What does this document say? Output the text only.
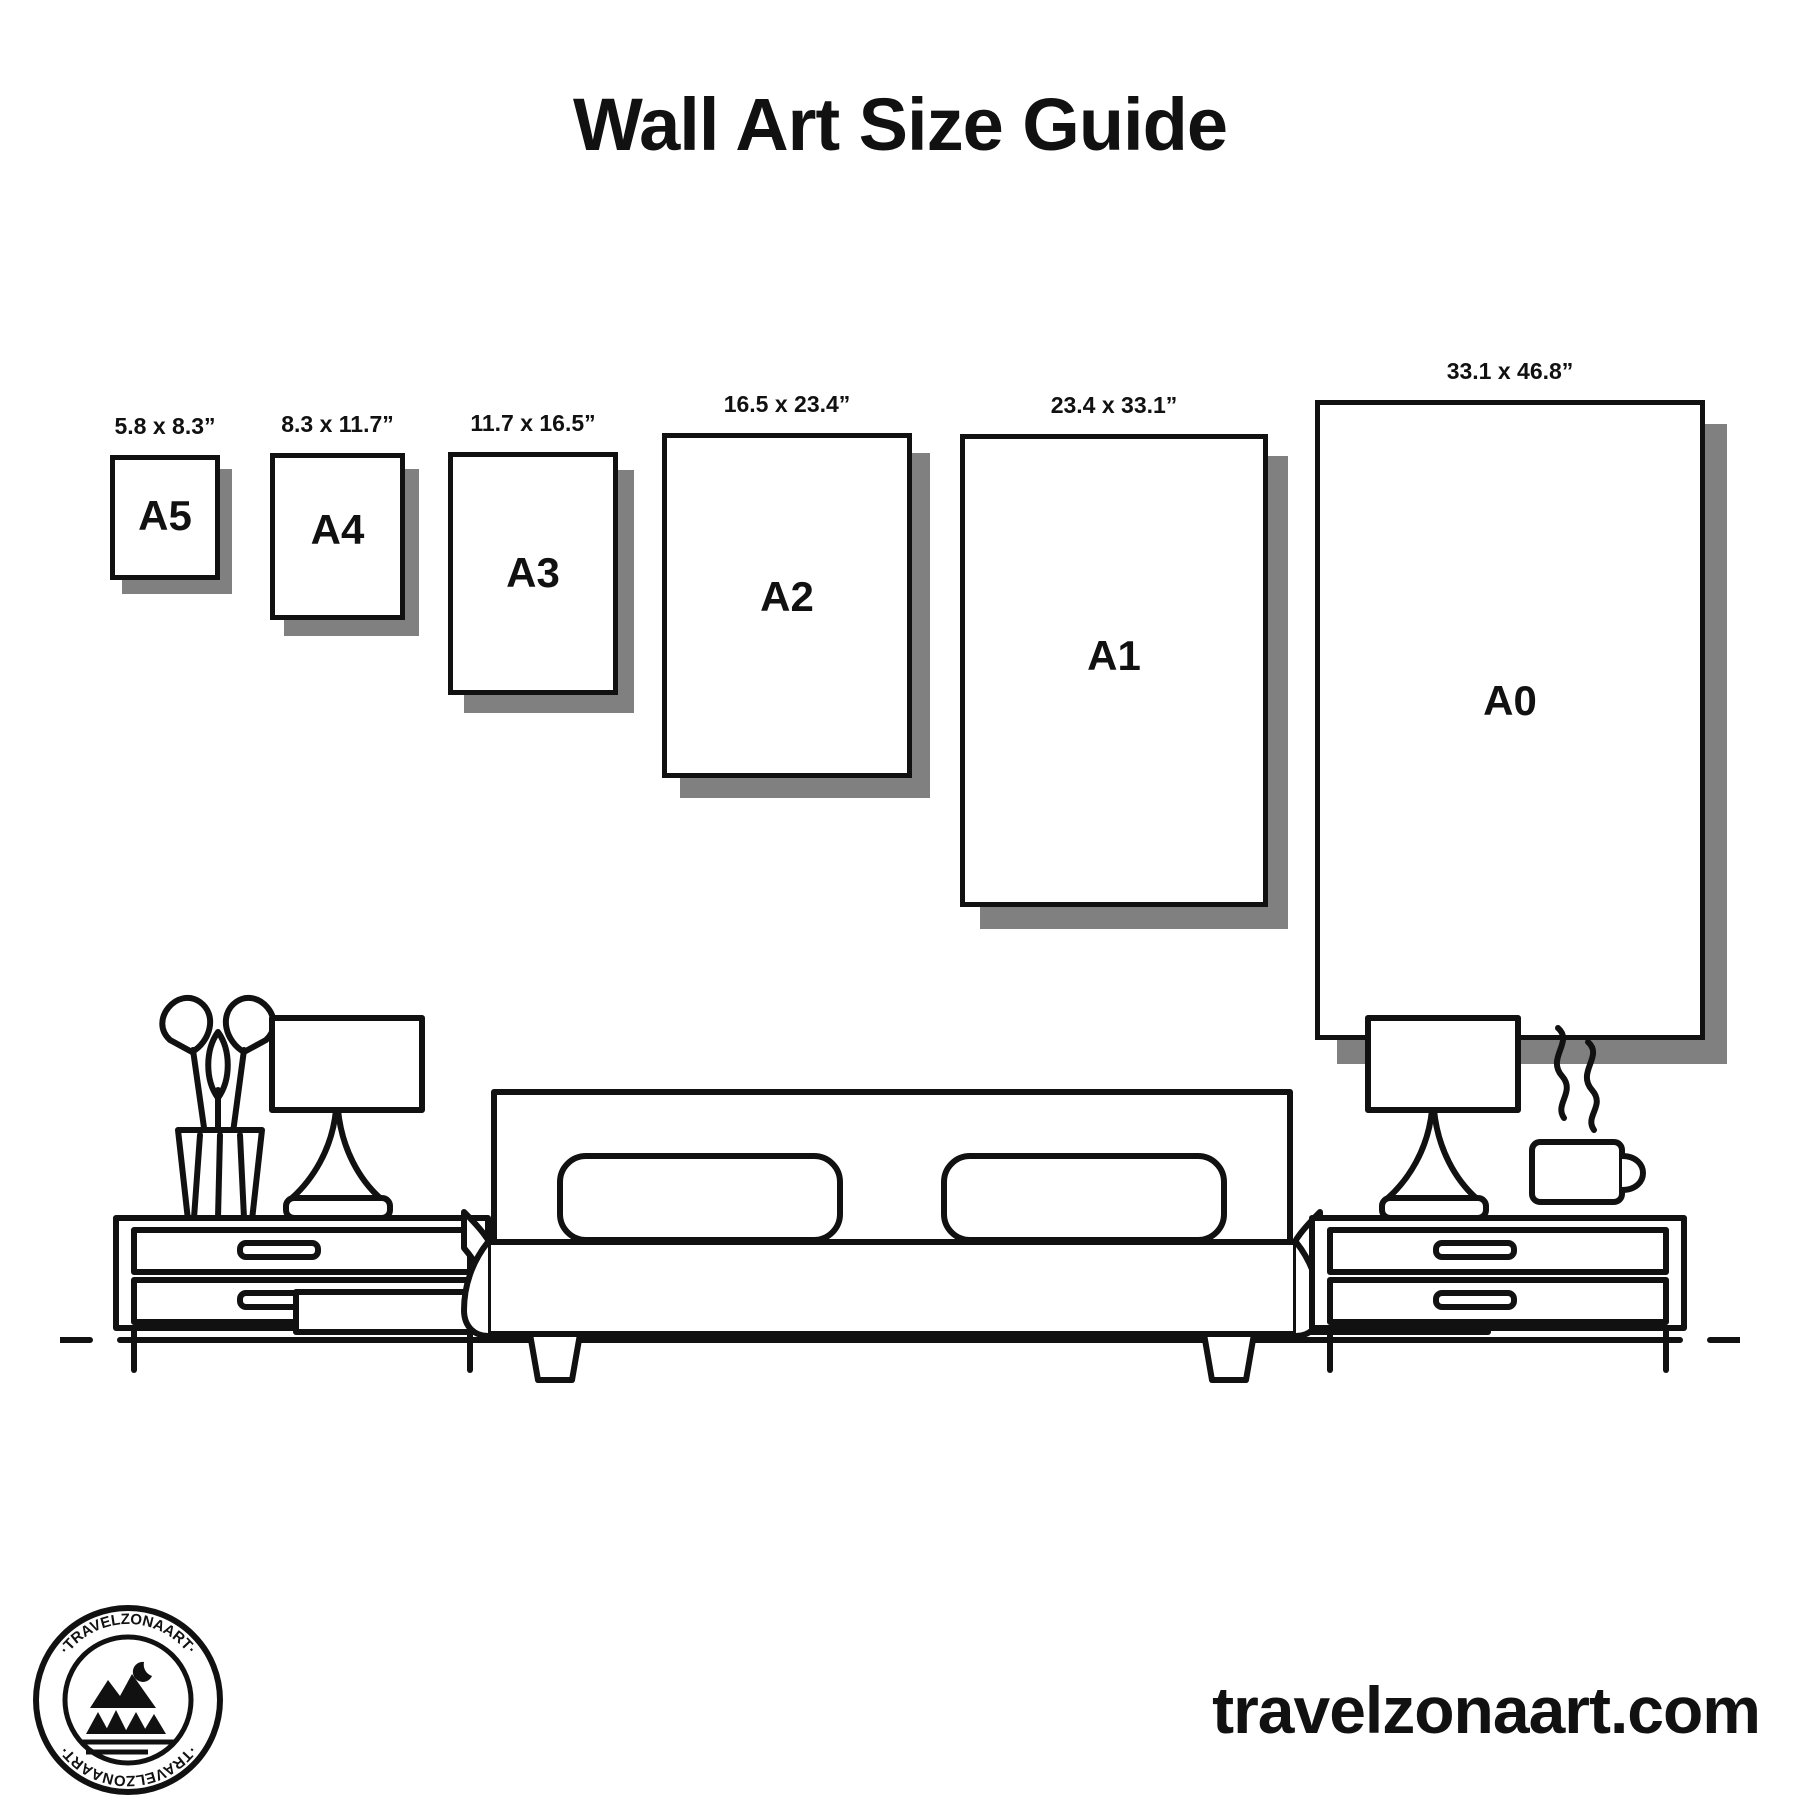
Wall Art Size Guide
5.8 x 8.3”
A5
8.3 x 11.7”
A4
11.7 x 16.5”
A3
16.5 x 23.4”
A2
23.4 x 33.1”
A1
33.1 x 46.8”
A0
·TRAVELZONAART·
·TRAVELZONAART·
travelzonaart.com
